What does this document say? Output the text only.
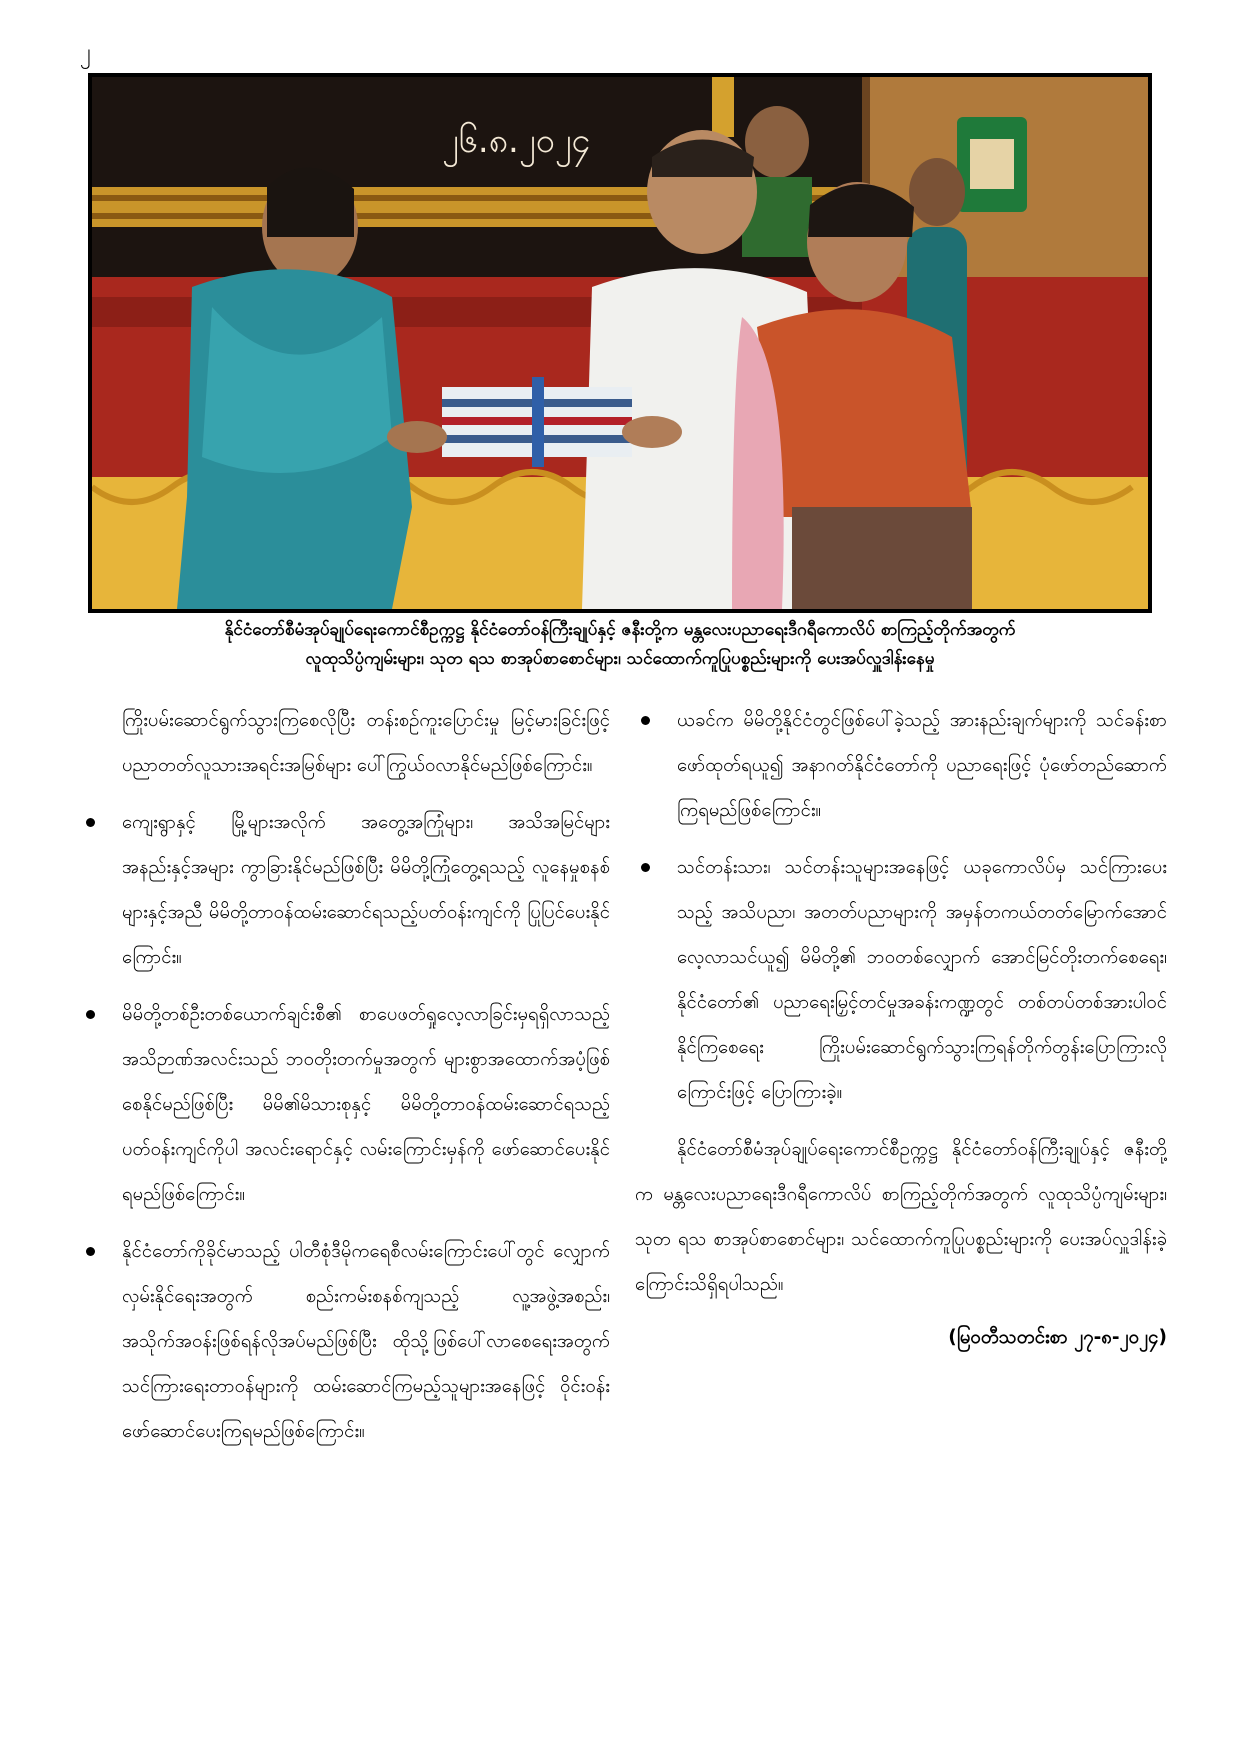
၂
၂၆.၈.၂၀၂၄
နိုင်ငံတော်စီမံအုပ်ချုပ်ရေးကောင်စီဥက္ကဋ္ဌ နိုင်ငံတော်ဝန်ကြီးချုပ်နှင့် ဇနီးတို့က မန္တလေးပညာရေးဒီဂရီကောလိပ် စာကြည့်တိုက်အတွက်
လူထုသိပ္ပံကျမ်းများ၊ သုတ ရသ စာအုပ်စာစောင်များ၊ သင်ထောက်ကူပြုပစ္စည်းများကို ပေးအပ်လှူဒါန်းနေမှု

ကြိုးပမ်းဆောင်ရွက်သွားကြစေလိုပြီး တန်းစဉ်ကူးပြောင်းမှု မြင့်မားခြင်းဖြင့် ပညာတတ်လူသားအရင်းအမြစ်များ ပေါ်ကြွယ်ဝလာနိုင်မည်ဖြစ်ကြောင်း။

ကျေးရွာနှင့် မြို့များအလိုက် အတွေ့အကြုံများ၊ အသိအမြင်များ အနည်းနှင့်အများ ကွာခြားနိုင်မည်ဖြစ်ပြီး မိမိတို့ကြုံတွေ့ရသည့် လူနေမှုစနစ်များနှင့်အညီ မိမိတို့တာဝန်ထမ်းဆောင်ရသည့်ပတ်ဝန်းကျင်ကို ပြုပြင်ပေးနိုင်ကြောင်း။

မိမိတို့တစ်ဦးတစ်ယောက်ချင်းစီ၏ စာပေဖတ်ရှုလေ့လာခြင်းမှရရှိလာသည့် အသိဉာဏ်အလင်းသည် ဘဝတိုးတက်မှုအတွက် များစွာအထောက်အပံ့ဖြစ်စေနိုင်မည်ဖြစ်ပြီး မိမိ၏မိသားစုနှင့် မိမိတို့တာဝန်ထမ်းဆောင်ရသည့် ပတ်ဝန်းကျင်ကိုပါ အလင်းရောင်နှင့် လမ်းကြောင်းမှန်ကို ဖော်ဆောင်ပေးနိုင်ရမည်ဖြစ်ကြောင်း။

နိုင်ငံတော်ကိုခိုင်မာသည့် ပါတီစုံဒီမိုကရေစီလမ်းကြောင်းပေါ်တွင် လျှောက်လှမ်းနိုင်ရေးအတွက် စည်းကမ်းစနစ်ကျသည့် လူ့အဖွဲ့အစည်း၊ အသိုက်အဝန်းဖြစ်ရန်လိုအပ်မည်ဖြစ်ပြီး ထိုသို့ဖြစ်ပေါ်လာစေရေးအတွက် သင်ကြားရေးတာဝန်များကို ထမ်းဆောင်ကြမည့်သူများအနေဖြင့် ဝိုင်းဝန်းဖော်ဆောင်ပေးကြရမည်ဖြစ်ကြောင်း။

ယခင်က မိမိတို့နိုင်ငံတွင်ဖြစ်ပေါ်ခဲ့သည့် အားနည်းချက်များကို သင်ခန်းစာဖော်ထုတ်ရယူ၍ အနာဂတ်နိုင်ငံတော်ကို ပညာရေးဖြင့် ပုံဖော်တည်ဆောက်ကြရမည်ဖြစ်ကြောင်း။

သင်တန်းသား၊ သင်တန်းသူများအနေဖြင့် ယခုကောလိပ်မှ သင်ကြားပေးသည့် အသိပညာ၊ အတတ်ပညာများကို အမှန်တကယ်တတ်မြောက်အောင် လေ့လာသင်ယူ၍ မိမိတို့၏ ဘဝတစ်လျှောက် အောင်မြင်တိုးတက်စေရေး၊ နိုင်ငံတော်၏ ပညာရေးမြှင့်တင်မှုအခန်းကဏ္ဍတွင် တစ်တပ်တစ်အားပါဝင်နိုင်ကြစေရေး ကြိုးပမ်းဆောင်ရွက်သွားကြရန်တိုက်တွန်းပြောကြားလိုကြောင်းဖြင့် ပြောကြားခဲ့။

နိုင်ငံတော်စီမံအုပ်ချုပ်ရေးကောင်စီဥက္ကဋ္ဌ နိုင်ငံတော်ဝန်ကြီးချုပ်နှင့် ဇနီးတို့က မန္တလေးပညာရေးဒီဂရီကောလိပ် စာကြည့်တိုက်အတွက် လူထုသိပ္ပံကျမ်းများ၊ သုတ ရသ စာအုပ်စာစောင်များ၊ သင်ထောက်ကူပြုပစ္စည်းများကို ပေးအပ်လှူဒါန်းခဲ့ကြောင်းသိရှိရပါသည်။

(မြဝတီသတင်းစာ ၂၇-၈-၂၀၂၄)
